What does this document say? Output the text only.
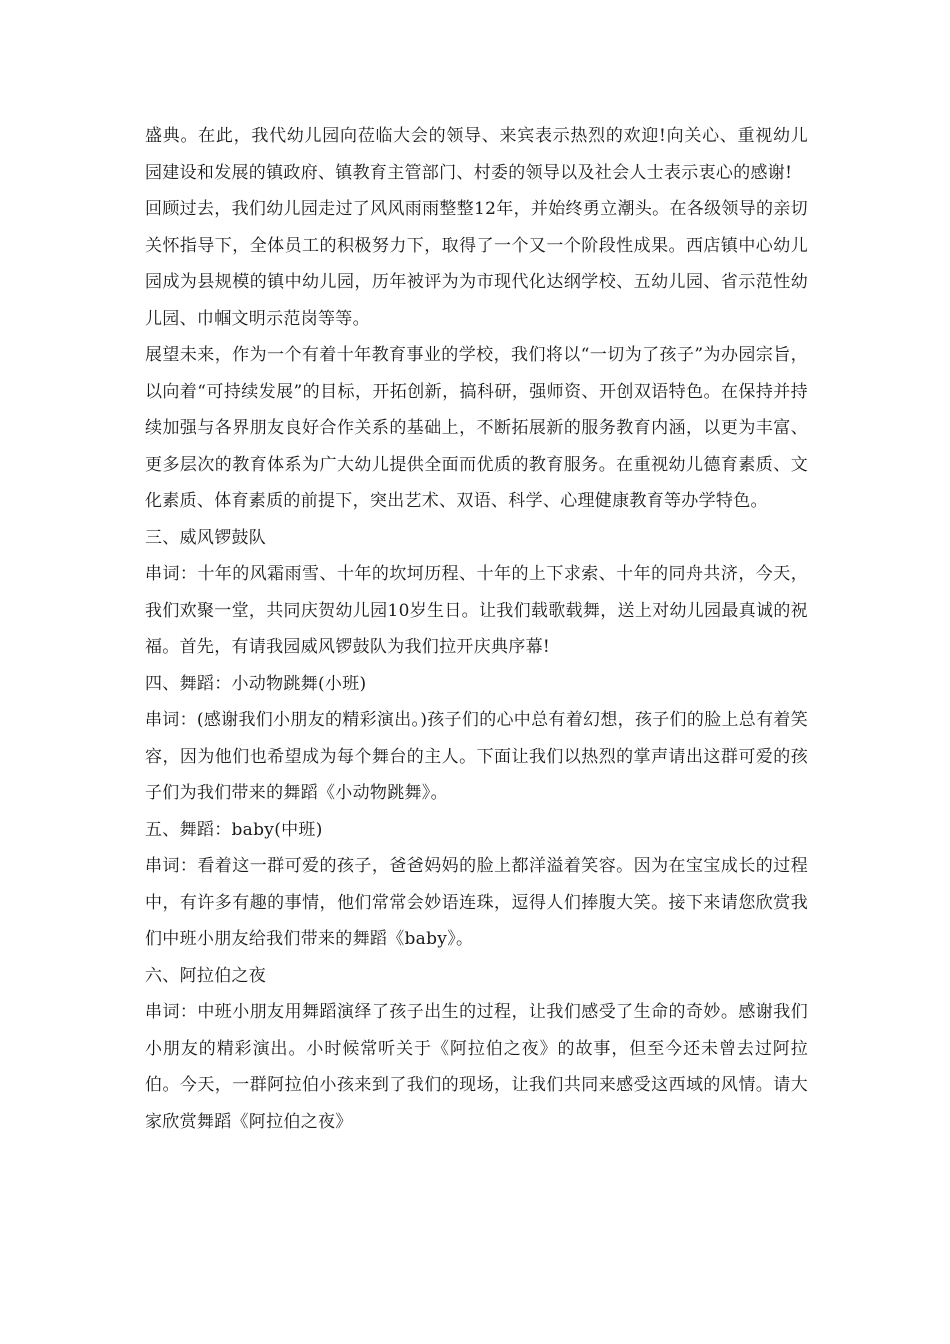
盛典。在此，我代幼儿园向莅临大会的领导、来宾表示热烈的欢迎!向关心、重视幼儿园建设和发展的镇政府、镇教育主管部门、村委的领导以及社会人士表示衷心的感谢!

回顾过去，我们幼儿园走过了风风雨雨整整12年，并始终勇立潮头。在各级领导的亲切关怀指导下，全体员工的积极努力下，取得了一个又一个阶段性成果。西店镇中心幼儿园成为县规模的镇中幼儿园，历年被评为为市现代化达纲学校、五幼儿园、省示范性幼儿园、巾帼文明示范岗等等。

展望未来，作为一个有着十年教育事业的学校，我们将以“一切为了孩子”为办园宗旨，以向着“可持续发展”的目标，开拓创新，搞科研，强师资、开创双语特色。在保持并持续加强与各界朋友良好合作关系的基础上，不断拓展新的服务教育内涵，以更为丰富、更多层次的教育体系为广大幼儿提供全面而优质的教育服务。在重视幼儿德育素质、文化素质、体育素质的前提下，突出艺术、双语、科学、心理健康教育等办学特色。

三、威风锣鼓队

串词：十年的风霜雨雪、十年的坎坷历程、十年的上下求索、十年的同舟共济，今天，我们欢聚一堂，共同庆贺幼儿园10岁生日。让我们载歌载舞，送上对幼儿园最真诚的祝福。首先，有请我园威风锣鼓队为我们拉开庆典序幕!

四、舞蹈：小动物跳舞(小班)

串词：(感谢我们小朋友的精彩演出。)孩子们的心中总有着幻想，孩子们的脸上总有着笑容，因为他们也希望成为每个舞台的主人。下面让我们以热烈的掌声请出这群可爱的孩子们为我们带来的舞蹈《小动物跳舞》。

五、舞蹈：baby(中班)

串词：看着这一群可爱的孩子，爸爸妈妈的脸上都洋溢着笑容。因为在宝宝成长的过程中，有许多有趣的事情，他们常常会妙语连珠，逗得人们捧腹大笑。接下来请您欣赏我们中班小朋友给我们带来的舞蹈《baby》。

六、阿拉伯之夜

串词：中班小朋友用舞蹈演绎了孩子出生的过程，让我们感受了生命的奇妙。感谢我们小朋友的精彩演出。小时候常听关于《阿拉伯之夜》的故事，但至今还未曾去过阿拉伯。今天，一群阿拉伯小孩来到了我们的现场，让我们共同来感受这西域的风情。请大家欣赏舞蹈《阿拉伯之夜》
